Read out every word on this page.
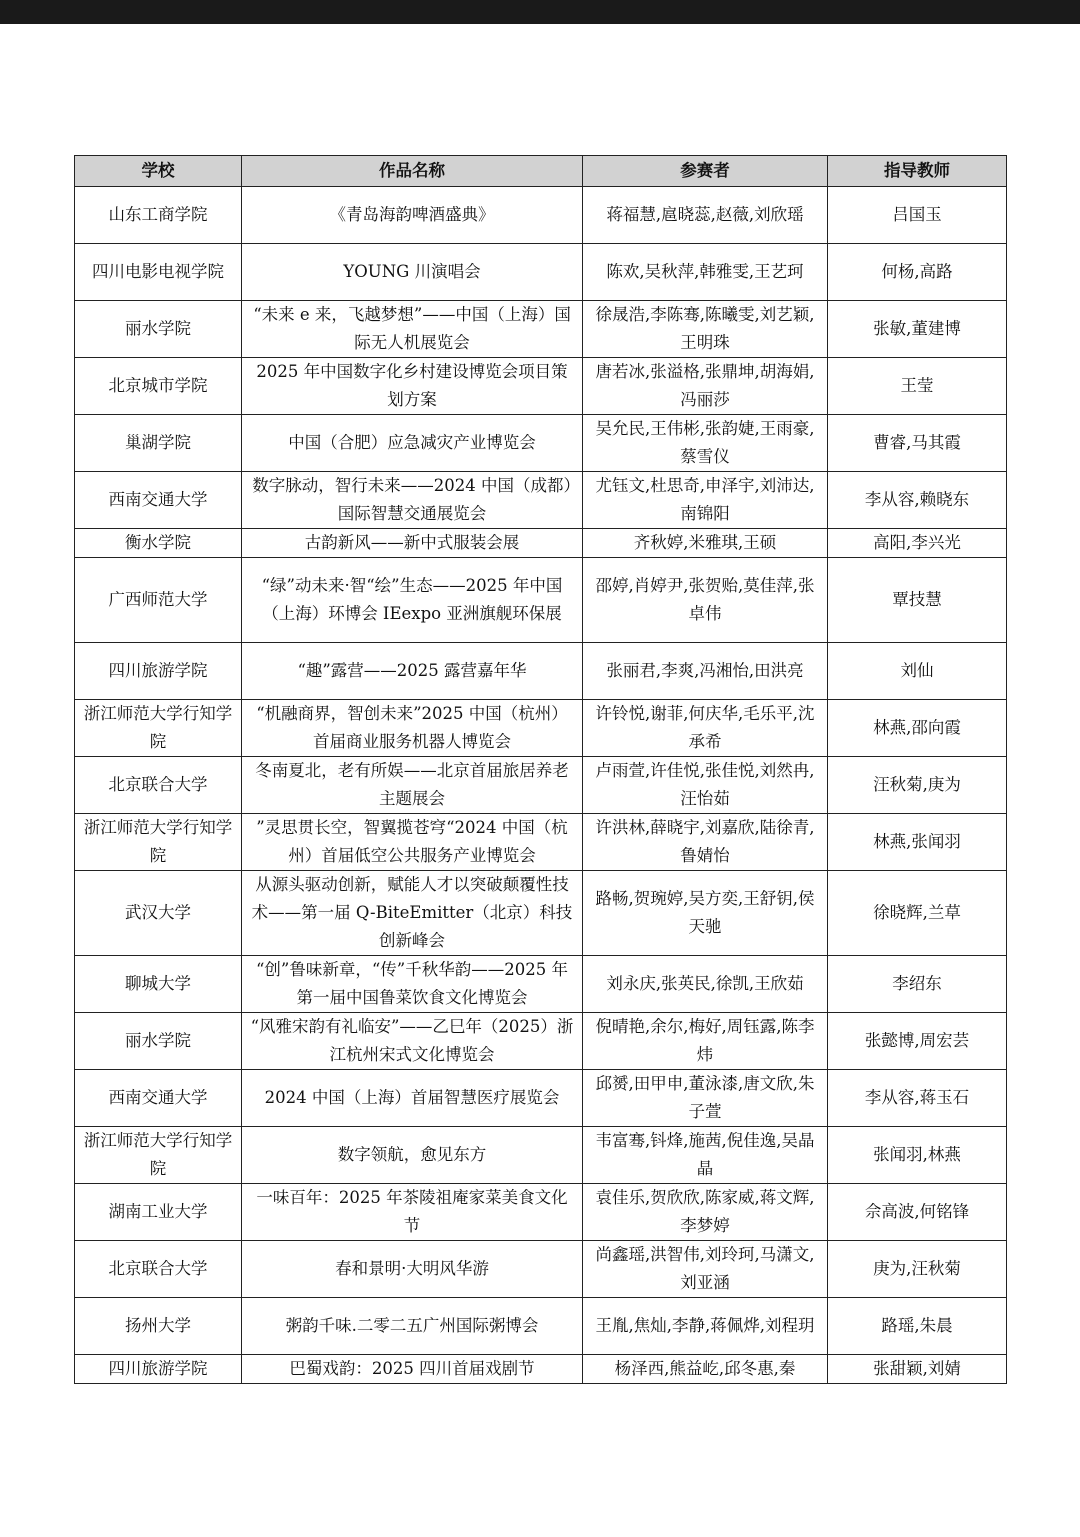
学校	作品名称	参赛者	指导教师
山东工商学院	《青岛海韵啤酒盛典》	蒋福慧,扈晓蕊,赵薇,刘欣瑶	吕国玉
四川电影电视学院	YOUNG 川演唱会	陈欢,吴秋萍,韩雅雯,王艺珂	何杨,高路
丽水学院	“未来 e 来，飞越梦想”——中国（上海）国际无人机展览会	徐晟浩,李陈骞,陈曦雯,刘艺颖,王明珠	张敏,董建博
北京城市学院	2025 年中国数字化乡村建设博览会项目策划方案	唐若冰,张溢格,张鼎坤,胡海娟,冯丽莎	王莹
巢湖学院	中国（合肥）应急减灾产业博览会	吴允民,王伟彬,张韵婕,王雨豪,蔡雪仪	曹睿,马其霞
西南交通大学	数字脉动，智行未来——2024 中国（成都）国际智慧交通展览会	尤钰文,杜思奇,申泽宇,刘沛达,南锦阳	李从容,赖晓东
衡水学院	古韵新风——新中式服装会展	齐秋婷,米雅琪,王硕	高阳,李兴光
广西师范大学	“绿”动未来·智“绘”生态——2025 年中国（上海）环博会 IEexpo 亚洲旗舰环保展	邵婷,肖婷尹,张贺贻,莫佳萍,张卓伟	覃技慧
四川旅游学院	“趣”露营——2025 露营嘉年华	张丽君,李爽,冯湘怡,田洪亮	刘仙
浙江师范大学行知学院	“机融商界，智创未来”2025 中国（杭州）首届商业服务机器人博览会	许铃悦,谢菲,何庆华,毛乐平,沈承希	林燕,邵向霞
北京联合大学	冬南夏北，老有所娱——北京首届旅居养老主题展会	卢雨萱,许佳悦,张佳悦,刘然冉,汪怡茹	汪秋菊,庚为
浙江师范大学行知学院	”灵思贯长空，智翼揽苍穹“2024 中国（杭州）首届低空公共服务产业博览会	许洪林,薛晓宇,刘嘉欣,陆徐青,鲁婧怡	林燕,张闻羽
武汉大学	从源头驱动创新，赋能人才以突破颠覆性技术——第一届 Q-BiteEmitter（北京）科技创新峰会	路畅,贺琬婷,吴方奕,王舒钥,侯天驰	徐晓辉,兰草
聊城大学	“创”鲁味新章，“传”千秋华韵——2025 年第一届中国鲁菜饮食文化博览会	刘永庆,张英民,徐凯,王欣茹	李绍东
丽水学院	“风雅宋韵有礼临安”——乙巳年（2025）浙江杭州宋式文化博览会	倪晴艳,余尔,梅好,周钰露,陈李炜	张懿博,周宏芸
西南交通大学	2024 中国（上海）首届智慧医疗展览会	邱赟,田甲申,董泳漆,唐文欣,朱子萱	李从容,蒋玉石
浙江师范大学行知学院	数字领航，愈见东方	韦富骞,钭烽,施茜,倪佳逸,吴晶晶	张闻羽,林燕
湖南工业大学	一味百年：2025 年茶陵祖庵家菜美食文化节	袁佳乐,贺欣欣,陈家威,蒋文辉,李梦婷	佘高波,何铭锋
北京联合大学	春和景明·大明风华游	尚鑫瑶,洪智伟,刘玲珂,马潇文,刘亚涵	庚为,汪秋菊
扬州大学	粥韵千味.二零二五广州国际粥博会	王胤,焦灿,李静,蒋佩烨,刘程玥	路瑶,朱晨
四川旅游学院	巴蜀戏韵：2025 四川首届戏剧节	杨泽西,熊益屹,邱冬惠,秦	张甜颖,刘婧
